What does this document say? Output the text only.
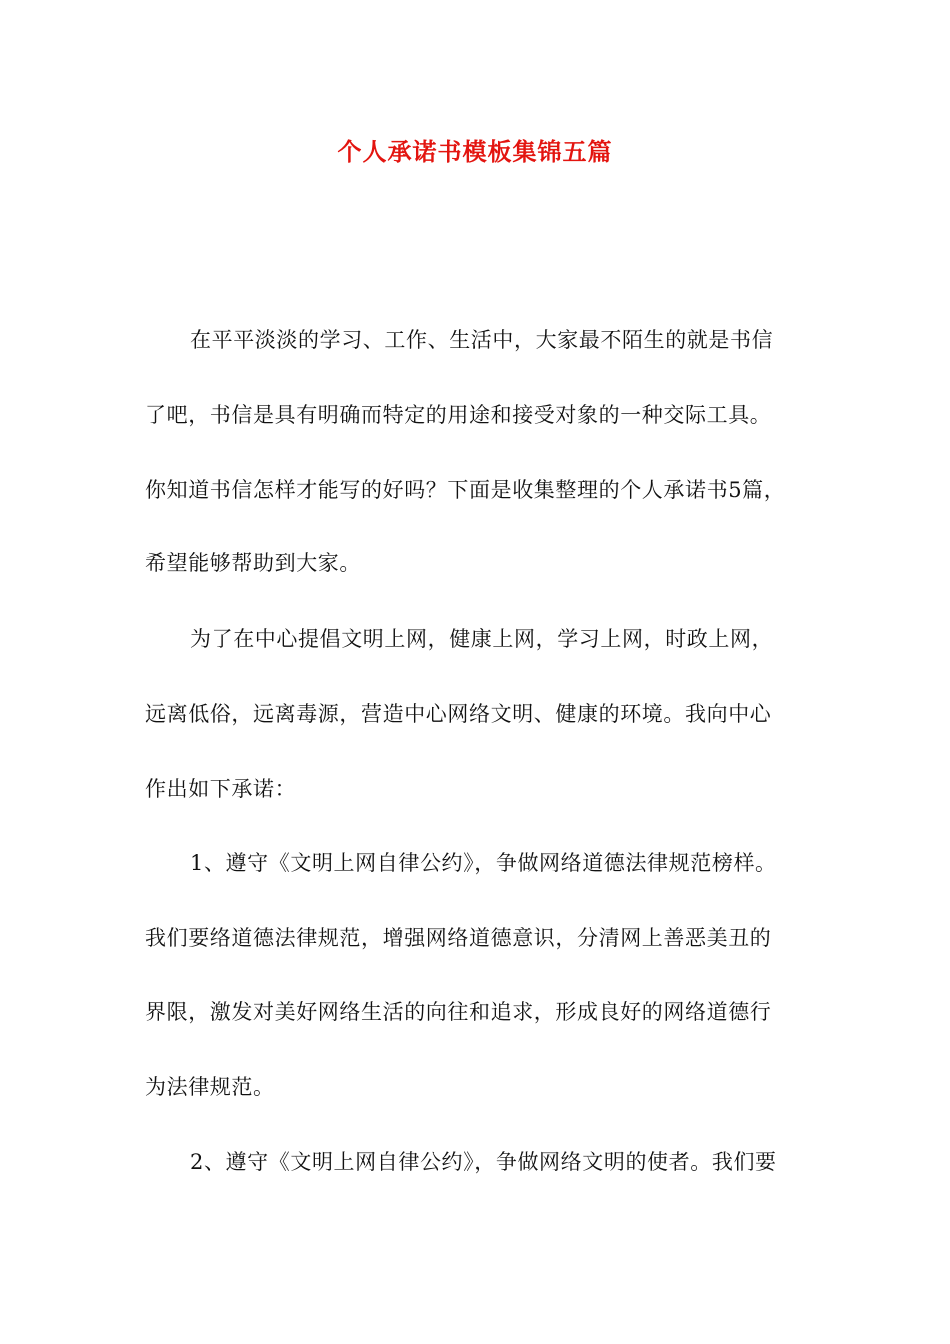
个人承诺书模板集锦五篇
在平平淡淡的学习、工作、生活中，大家最不陌生的就是书信
了吧，书信是具有明确而特定的用途和接受对象的一种交际工具。
你知道书信怎样才能写的好吗？下面是收集整理的个人承诺书5篇，
希望能够帮助到大家。
为了在中心提倡文明上网，健康上网，学习上网，时政上网，
远离低俗，远离毒源，营造中心网络文明、健康的环境。我向中心
作出如下承诺：
1、遵守《文明上网自律公约》，争做网络道德法律规范榜样。
我们要络道德法律规范，增强网络道德意识，分清网上善恶美丑的
界限，激发对美好网络生活的向往和追求，形成良好的网络道德行
为法律规范。
2、遵守《文明上网自律公约》，争做网络文明的使者。我们要
